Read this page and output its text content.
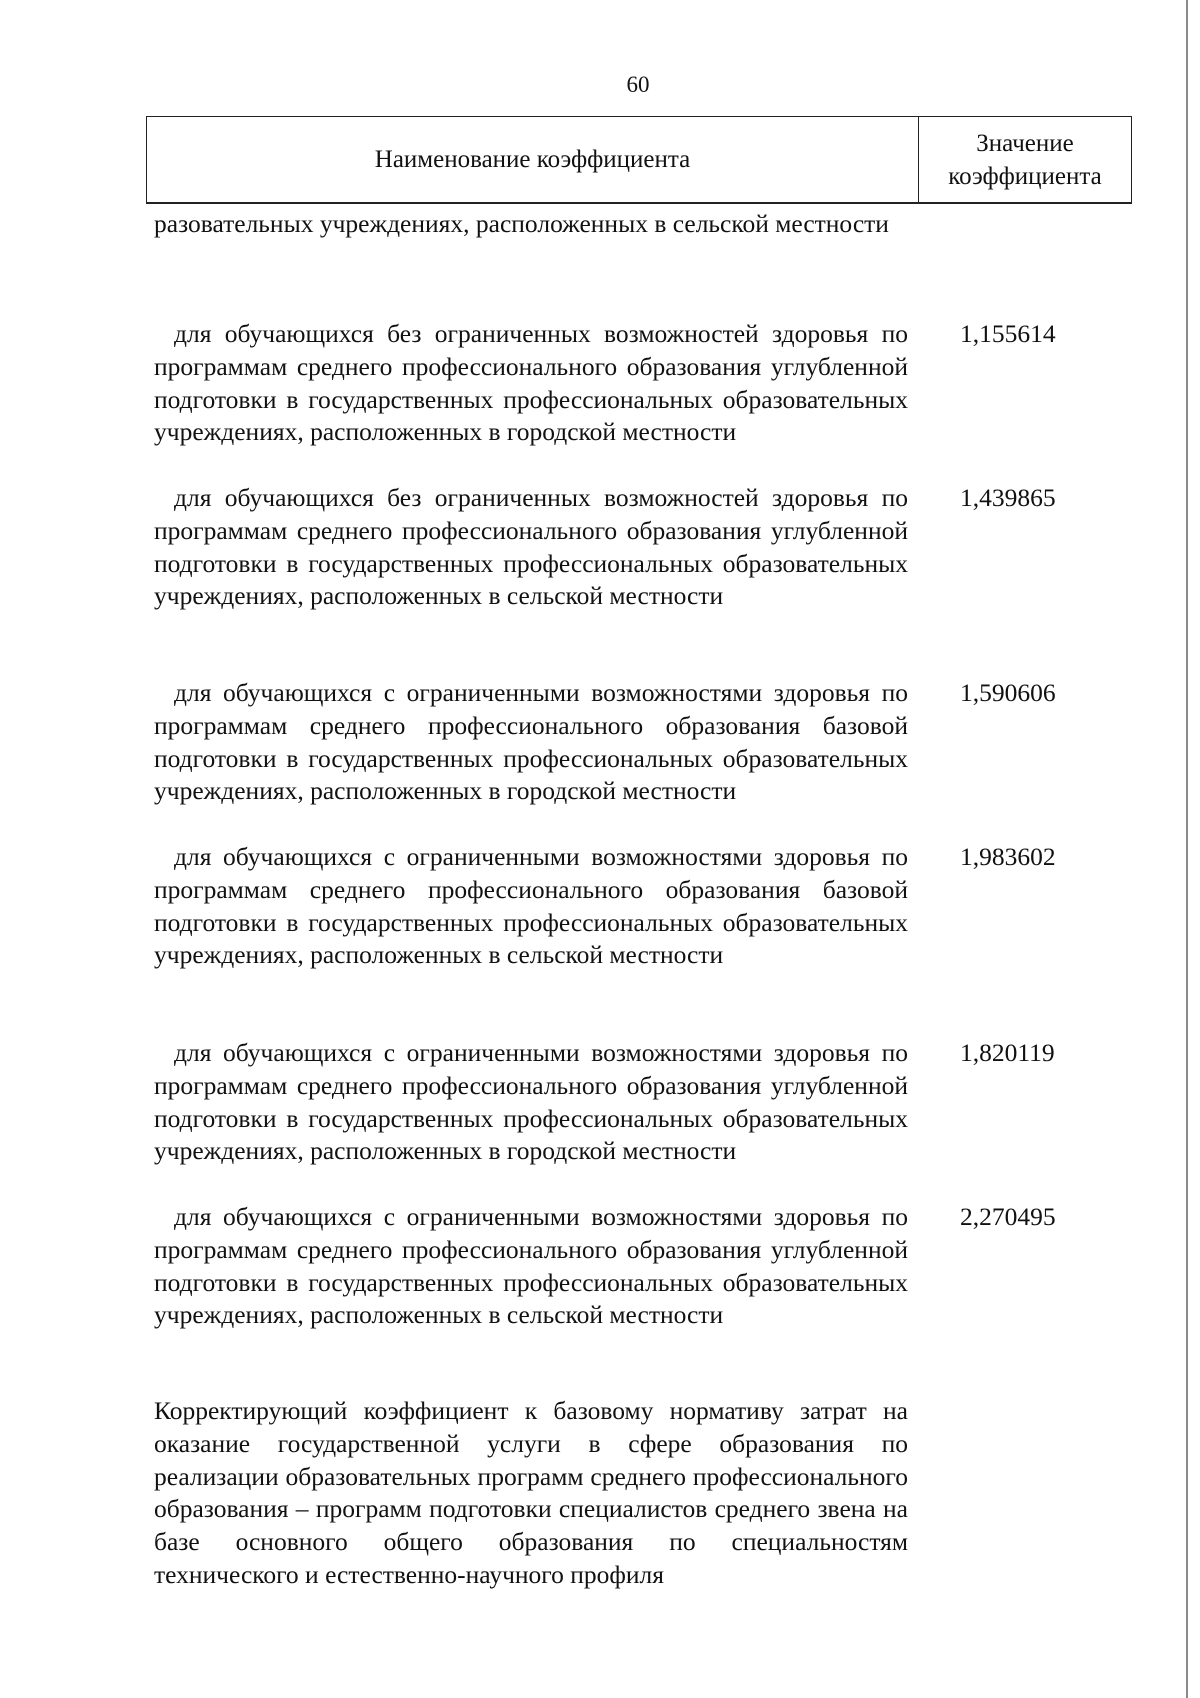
60
Наименование коэффициента
Значение
коэффициента
разовательных учреждениях, расположенных в сельской местности
для обучающихся без ограниченных возможностей здоровья по программам среднего профессионального образования углубленной подготовки в государственных профессиональных образовательных учреждениях, расположенных в городской местности
1,155614
для обучающихся без ограниченных возможностей здоровья по программам среднего профессионального образования углубленной подготовки в государственных профессиональных образовательных учреждениях, расположенных в сельской местности
1,439865
для обучающихся с ограниченными возможностями здоровья по программам среднего профессионального образования базовой подготовки в государственных профессиональных образовательных учреждениях, расположенных в городской местности
1,590606
для обучающихся с ограниченными возможностями здоровья по программам среднего профессионального образования базовой подготовки в государственных профессиональных образовательных учреждениях, расположенных в сельской местности
1,983602
для обучающихся с ограниченными возможностями здоровья по программам среднего профессионального образования углубленной подготовки в государственных профессиональных образовательных учреждениях, расположенных в городской местности
1,820119
для обучающихся с ограниченными возможностями здоровья по программам среднего профессионального образования углубленной подготовки в государственных профессиональных образовательных учреждениях, расположенных в сельской местности
2,270495
Корректирующий коэффициент к базовому нормативу затрат на оказание государственной услуги в сфере образования по реализации образовательных программ среднего профессионального образования – программ подготовки специалистов среднего звена на базе основного общего образования по специальностям технического и естественно-научного профиля
